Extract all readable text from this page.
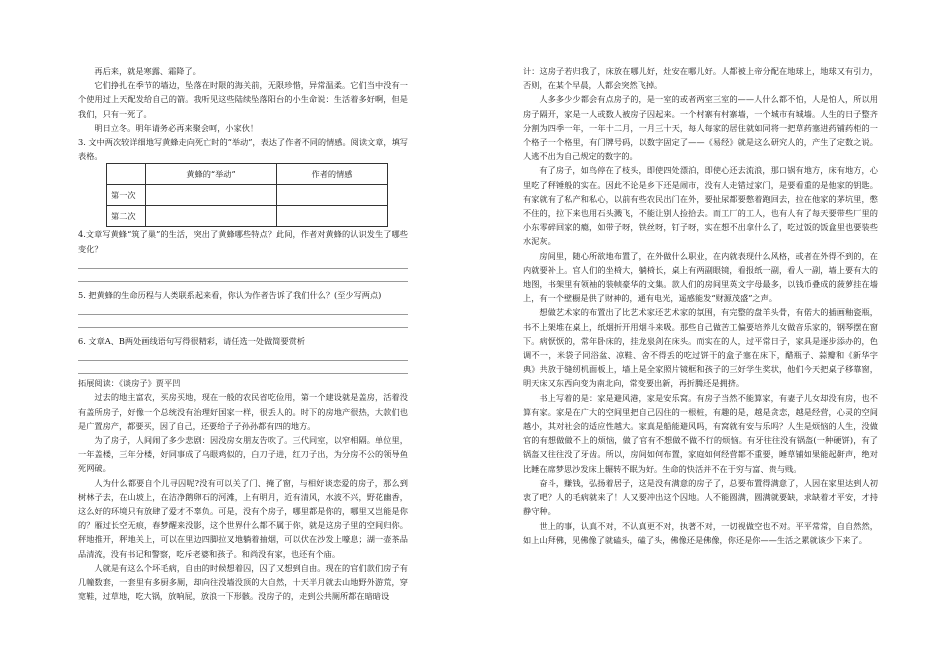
再后来，就是寒露、霜降了。

它们挣扎在季节的墙边，坠落在时限的海关前，无限珍惜，异常温柔。它们当中没有一个使用过上天配发给自己的箭。我听见这些陆续坠落阳台的小生命说：生活着多好啊，但是我们，只有一死了。

明日立冬。明年请务必再来聚会呵，小家伙！

3. 文中两次较详细地写黄蜂走向死亡时的“举动”，表达了作者不同的情感。阅读文章，填写表格。

	黄蜂的“举动”	作者的情感
第一次		
第二次		

4.文章写黄蜂“筑了巢”的生活，突出了黄蜂哪些特点？此间，作者对黄蜂的认识发生了哪些变化？

5. 把黄蜂的生命历程与人类联系起来看，你认为作者告诉了我们什么？(至少写两点)

6. 文章A、B两处画线语句写得很精彩，请任选一处做简要赏析

拓展阅读：《谈房子》贾平凹

过去的地主富农，买房买地，现在一般的农民省吃俭用，第一个建设就是盖房，活着没有盖所房子，好像一个总统没有治理好国家一样，很丢人的。时下的房地产很热，大款们也是广置房产，都要买，因了自己，还要给子子孙孙都有四的地方。

为了房子，人间闹了多少悲剧：因没房女朋友告吹了。三代同室，以窄相隔。单位里，一年盖楼，三年分楼，好同事成了乌眼鸡似的，白刀子进，红刀子出，为分房不公的领导鱼死网破。

人为什么都要自个儿寻囚呢?没有可以关了门、掩了窗，与相好谈恋爱的房子，那么到树林子去，在山坡上，在洁净鹅卵石的河滩，上有明月，近有清风，水波不兴，野花幽香，这么好的环境只有放肆了爱才不辜负。可是，没有个房子，哪里都是你的，哪里又岂能是你的？雁过长空无痕，春梦醒来没影，这个世界什么都不属于你，就是这房子里的空间归你。秤地推开，秤地关上，可以在里边四脚拉叉地躺着抽烟，可以伏在沙发上嚎息；湖一壶茶品品清流，没有书记和警察，吃斥老婆和孩子。和尚没有家，也还有个庙。

人就是有这么个坏毛病，自由的时候想着囚，囚了又想到自由。现在的官们款们房子有几幢数套，一套里有多厨多厕，却向往没墙没顶的大自然，十天半月就去山地野外游荒，穿宽鞋，过草地，吃大锅，放响屁，放浪一下形骸。没房子的，走到公共厕所都在暗暗设

计：这房子若归我了，床放在哪儿好，灶安在哪儿好。人都被上帝分配在地球上，地球又有引力，否则，在某个早晨，人都会突然飞掉。

人多多少少都会有点房子的，是一室的或者两室三室的——人什么都不怕，人是怕人，所以用房子隔开，家是一人或数人被房子囚起来。一个村寨有村寨墙，一个城市有城墙。人生的日子整齐分割为四季一年，一年十二月，一月三十天，每人每家的居住就如同将一把草药塞进药铺药柜的一个格子一个格里，有门牌号码，以数字固定了——《易经》就是这么研究人的，产生了定数之说。人逃不出为自己规定的数字的。

有了房子，如鸟停在了枝头，即使四处漂泊，即使心还去流浪，那口锅有地方，床有地方，心里吃了秤锤般的实在。因此不论是乡下还是闹市，没有人走错过家门，是要看重的是他家的钥匙。有家就有了私产和私心，以前有些农民出门在外，要扯尿都要憋着跑回去，拉在他家的茅坑里，憋不住的，拉下来也用石头溅飞，不能让别人捡拾去。而工厂的工人，也有人有了每天要带些厂里的小东零碎回家的瘾，如带子呀，铁丝呀，钉子呀，实在想不出拿什么了，吃过饭的饭盒里也要装些水泥灰。

房间里，随心所欲地布置了，在外做什么职业，在内就表现什么风格，或者在外得不到的，在内就要补上。官人们的坐椅大，躺椅长，桌上有两副眼镜，看报纸一副，看人一副，墙上要有大的地图，书架里有领袖的装帧豪华的文集。款人们的房间里英文字母最多，以钱币叠成的菠萝挂在墙上，有一个壁橱是供了财神的，通有电光，遥感能发“财源茂盛”之声。

想做艺术家的布置出了比艺术家还艺术家的氛围，有完整的盘羊头骨，有偌大的插画釉瓷瓶，书不上架堆在桌上，纸烟折开用烟斗来吸。那些自己做苦工偏要培养儿女做音乐家的，钢琴摆在窗下。病恹恹的，常年卧床的，挂龙泉剑在床头。而实在的人，过平常日子，家具是逐步添办的，色调不一，米袋子同浴盆、凉鞋、舍不得丢的吃过饼干的盒子塞在床下，醋瓶子、蒜瓣和《新华字典》共放于缝纫机面板上，墙上是全家照片镜框和孩子的三好学生奖状，他们今天把桌子移靠窗，明天床又东西向变为南北向，常变要出新，再折腾还是拥挤。

书上写着的是：家是避风港，家是安乐窝。有房子当然不能算家，有妻子儿女却没有房，也不算有家。家是在广大的空间里把自己囚住的一根桩，有趣的是，越是贪恋，越是经营，心灵的空间越小，其对社会的适应性越大。家真是船能避风吗，有窝就有安与乐吗？人生是烦恼的人生，没做官的有想做做不上的烦恼，做了官有不想做不做不行的烦恼。有牙往往没有锅盔(一种硬饼)，有了锅盔又往往没了牙齿。所以，房间如何布置，家庭如何经营都不重要，睡草铺如果能起鼾声，绝对比睡在席梦思沙发床上辗转不眠为好。生命的快活并不在于穷与富、贵与贱。

奋斗，赚钱，弘扬着居子，这是没有满意的房子了，总要布置得满意了，人因在家里达到人初衷了吧？人的毛病就来了！人又要冲出这个囚地。人不能圆满，圆满就要缺，求缺着才平安，才持静守种。

世上的事，认真不对，不认真更不对，执著不对，一切视做空也不对。平平常常，自自然然，如上山拜佛，见佛像了就磕头，磕了头，佛像还是佛像，你还是你——生活之累就该少下来了。
